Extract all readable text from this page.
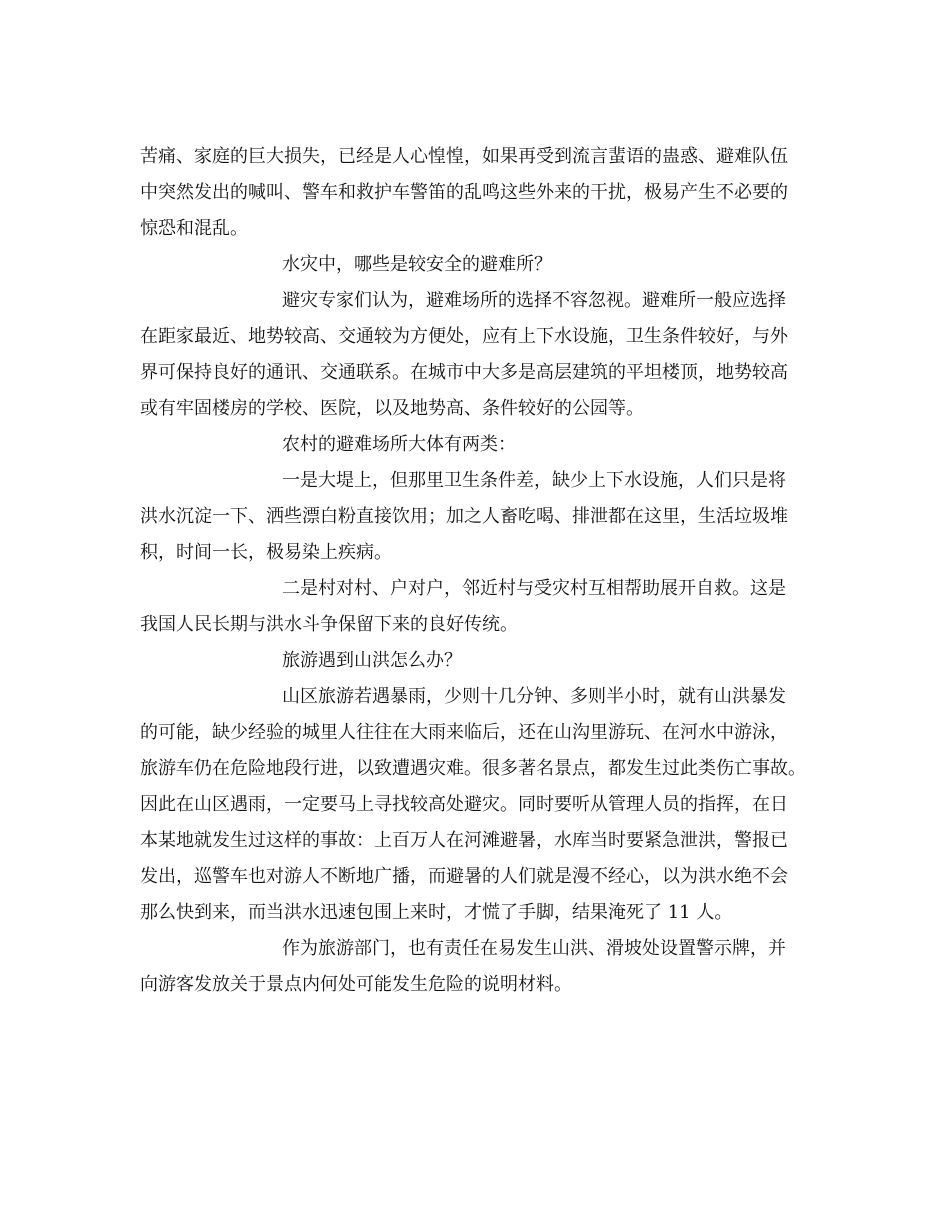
苦痛、家庭的巨大损失，已经是人心惶惶，如果再受到流言蜚语的蛊惑、避难队伍
中突然发出的喊叫、警车和救护车警笛的乱鸣这些外来的干扰，极易产生不必要的
惊恐和混乱。
水灾中，哪些是较安全的避难所？
避灾专家们认为，避难场所的选择不容忽视。避难所一般应选择
在距家最近、地势较高、交通较为方便处，应有上下水设施，卫生条件较好，与外
界可保持良好的通讯、交通联系。在城市中大多是高层建筑的平坦楼顶，地势较高
或有牢固楼房的学校、医院，以及地势高、条件较好的公园等。
农村的避难场所大体有两类：
一是大堤上，但那里卫生条件差，缺少上下水设施，人们只是将
洪水沉淀一下、洒些漂白粉直接饮用；加之人畜吃喝、排泄都在这里，生活垃圾堆
积，时间一长，极易染上疾病。
二是村对村、户对户，邻近村与受灾村互相帮助展开自救。这是
我国人民长期与洪水斗争保留下来的良好传统。
旅游遇到山洪怎么办？
山区旅游若遇暴雨，少则十几分钟、多则半小时，就有山洪暴发
的可能，缺少经验的城里人往往在大雨来临后，还在山沟里游玩、在河水中游泳，
旅游车仍在危险地段行进，以致遭遇灾难。很多著名景点，都发生过此类伤亡事故。
因此在山区遇雨，一定要马上寻找较高处避灾。同时要听从管理人员的指挥，在日
本某地就发生过这样的事故：上百万人在河滩避暑，水库当时要紧急泄洪，警报已
发出，巡警车也对游人不断地广播，而避暑的人们就是漫不经心，以为洪水绝不会
那么快到来，而当洪水迅速包围上来时，才慌了手脚，结果淹死了 11 人。
作为旅游部门，也有责任在易发生山洪、滑坡处设置警示牌，并
向游客发放关于景点内何处可能发生危险的说明材料。
